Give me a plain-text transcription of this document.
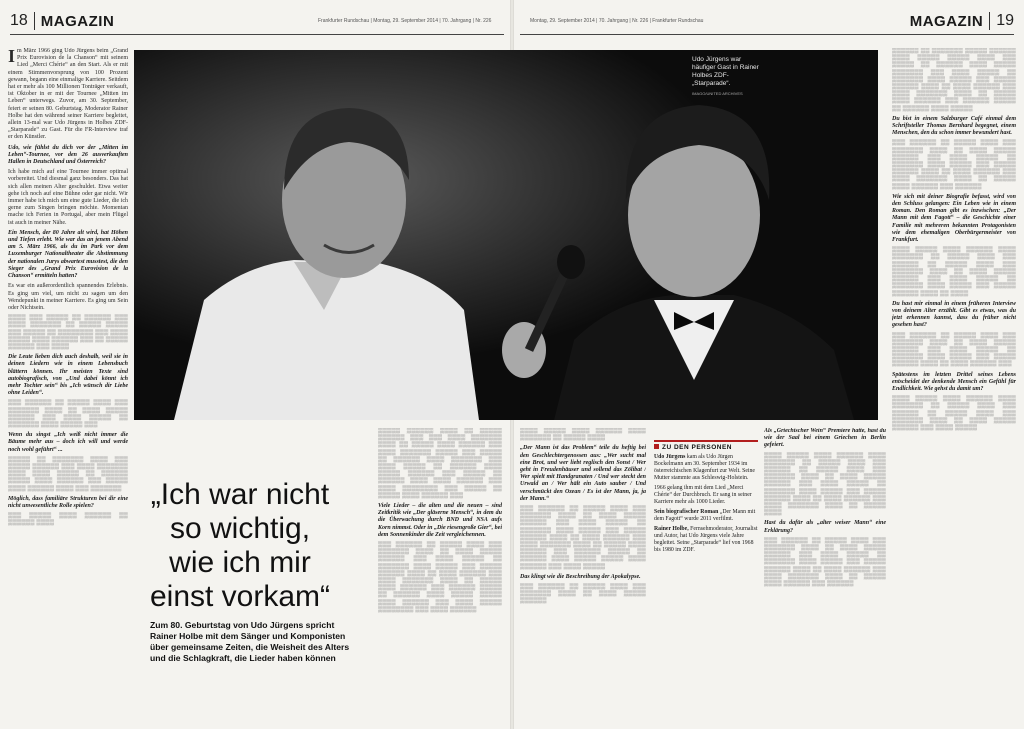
18 MAGAZIN	Frankfurter Rundschau | Montag, 29. September 2014 | 70. Jahrgang | Nr. 226	MAGAZIN 19
Montag, 29. September 2014 | 70. Jahrgang | Nr. 226 | Frankfurter Rundschau
Udo Jürgens war häufiger Gast in Rainer Holbes ZDF-„Starparade“.
IMAGO/UNITED ARCHIVES

Im März 1966 ging Udo Jürgens beim „Grand Prix Eurovision de la Chanson“ mit seinem Lied „Merci Chérie“ an den Start. Als er mit einem Stimmenvorsprung von 100 Prozent gewann, begann eine einmalige Karriere. Seitdem hat er mehr als 100 Millionen Tonträger verkauft, ist Oktober in er mit der Tournee „Mitten im Leben“ unterwegs. Zuvor, am 30. September, feiert er seinen 80. Geburtstag. Moderator Rainer Holbe hat den während seiner Karriere begleitet, allein 13-mal war Udo Jürgens in Holbes ZDF-„Starparade“ zu Gast. Für die FR-Interview traf er den Künstler.

Udo, wie fühlst du dich vor der „Mitten im Leben“-Tournee, vor den 26 ausverkauften Hallen in Deutschland und Österreich?

Ich habe mich auf eine Tournee immer optimal vorbereitet. Und diesmal ganz besonders. Das hat sich allen meinen Alter geschuldet. Etwa weiter gehe ich noch auf eine Bühne oder gar nicht. Wir immer habe ich mich um eine gute Lieder, die ich gerne zum Singen bringen möchte. Momentan mache ich Ferien in Portugal, aber mein Flügel ist auch in meiner Nähe.

Ein Mensch, der 80 Jahre alt wird, hat Höhen und Tiefen erlebt. Wie war das an jenem Abend am 5. März 1966, als du im Park vor dem Luxemburger Nationaltheater die Abstimmung der nationalen Jurys abwartest musstest, die den Sieger des „Grand Prix Eurovision de la Chanson“ ermitteln hatten?

Es war ein außerordentlich spannendes Erlebnis. Es ging um viel, um nicht zu sagen um den Wendepunkt in meiner Karriere. Es ging um Sein oder Nichtsein.

▒▒▒▒ ▒▒▒ ▒▒▒▒▒ ▒▒ ▒▒▒▒▒▒ ▒▒▒ ▒▒▒▒ ▒▒▒▒▒▒▒ ▒▒ ▒▒▒▒▒ ▒▒▒▒▒ ▒▒▒ ▒▒▒▒▒ ▒▒ ▒▒▒▒▒▒▒▒ ▒▒▒ ▒▒▒▒ ▒▒▒▒▒ ▒▒▒▒ ▒▒▒▒▒▒ ▒▒▒ ▒▒ ▒▒▒▒▒ ▒▒▒▒▒▒ ▒▒▒ ▒▒▒▒

Die Leute lieben dich auch deshalb, weil sie in deinen Liedern wie in einem Lebensbuch blättern können. Ihr meisten Texte sind autobiografisch, von „Und dabei könnt ich mehr Tochter sein“ bis „Ich wünsch dir Liebe ohne Leiden“.

▒▒▒ ▒▒▒▒▒▒ ▒▒ ▒▒▒▒▒ ▒▒▒▒ ▒▒▒ ▒▒▒▒▒▒▒ ▒▒▒▒ ▒▒ ▒▒▒▒ ▒▒▒▒▒ ▒▒▒▒▒▒ ▒▒▒ ▒▒▒▒ ▒▒▒▒▒ ▒▒ ▒▒▒▒▒▒▒ ▒▒▒▒ ▒▒▒▒▒ ▒▒▒

Wenn du singst „Ich weiß nicht immer die Bäume mehr aus – doch ich will und werde noch wohl geführt“ ...

▒▒▒▒▒ ▒▒ ▒▒▒▒▒▒▒ ▒▒▒▒ ▒▒▒ ▒▒▒▒▒ ▒▒▒▒▒▒ ▒▒▒ ▒▒▒▒ ▒▒▒▒▒▒▒ ▒▒▒▒ ▒▒▒▒ ▒▒▒▒▒ ▒▒ ▒▒▒▒▒▒ ▒▒▒▒▒ ▒▒▒▒ ▒▒▒▒▒▒ ▒▒▒ ▒▒▒▒▒ ▒▒▒▒ ▒▒▒▒▒▒ ▒▒▒▒ ▒▒▒ ▒▒▒▒▒▒▒

Möglich, dass familiäre Strukturen bei dir eine nicht unwesentliche Rolle spielen?

▒▒▒ ▒▒▒▒▒ ▒▒▒▒ ▒▒▒▒▒▒ ▒▒ ▒▒▒▒▒▒ ▒▒▒▒

„Ich war nicht
so wichtig,
wie ich mir
einst vorkam“
Zum 80. Geburtstag von Udo Jürgens spricht Rainer Holbe mit dem Sänger und Komponisten über gemeinsame Zeiten, die Weisheit des Alters und die Schlagkraft, die Lieder haben können

▒▒▒▒▒ ▒▒▒▒▒▒ ▒▒▒▒ ▒▒ ▒▒▒▒▒ ▒▒▒▒▒▒ ▒▒▒ ▒▒▒ ▒▒▒▒ ▒▒▒▒▒▒▒ ▒▒▒▒ ▒▒ ▒▒▒▒▒ ▒▒▒▒ ▒▒▒▒▒▒ ▒▒▒ ▒▒▒▒ ▒▒▒▒▒▒▒ ▒▒▒▒▒ ▒▒▒ ▒▒▒▒▒ ▒▒ ▒▒▒▒▒▒ ▒▒▒▒ ▒▒▒▒▒▒▒ ▒▒▒ ▒▒▒▒ ▒▒▒▒▒ ▒▒ ▒▒▒▒▒▒ ▒▒▒▒ ▒▒▒▒▒ ▒▒▒▒▒▒ ▒▒▒ ▒▒▒▒▒ ▒▒ ▒▒▒▒▒▒ ▒▒▒▒ ▒▒▒▒ ▒▒▒▒▒▒ ▒▒▒ ▒▒▒▒ ▒▒▒▒▒▒▒▒ ▒▒▒ ▒▒▒▒▒ ▒▒ ▒▒▒▒▒ ▒▒▒▒ ▒▒▒▒▒▒ ▒▒▒

Viele Lieder – die alten und die neuen – sind Zeitkritik wie „Der gläserne Mensch“, in dem du die Überwachung durch BND und NSA aufs Korn nimmst. Oder in „Die riesengroße Gier“, bei dem Sonnenkinder die Zeit vergleichennen.

▒▒▒ ▒▒▒▒▒▒ ▒▒ ▒▒▒▒▒ ▒▒▒▒ ▒▒▒ ▒▒▒▒▒▒▒ ▒▒▒▒ ▒▒ ▒▒▒▒ ▒▒▒▒▒ ▒▒▒▒▒▒ ▒▒▒ ▒▒▒▒ ▒▒▒▒▒ ▒▒ ▒▒▒▒▒▒▒ ▒▒▒▒ ▒▒▒▒▒ ▒▒▒ ▒▒▒▒▒ ▒▒▒▒▒▒ ▒▒▒▒ ▒▒ ▒▒▒▒ ▒▒▒▒▒▒ ▒▒▒ ▒▒▒▒ ▒▒▒▒▒▒▒ ▒▒▒▒ ▒▒ ▒▒▒▒▒ ▒▒▒▒ ▒▒▒▒▒▒ ▒▒▒ ▒▒▒▒▒▒ ▒▒▒▒▒ ▒▒ ▒▒▒▒▒▒ ▒▒▒▒ ▒▒▒▒▒ ▒▒▒▒▒ ▒▒▒▒ ▒▒▒▒▒▒ ▒▒▒ ▒▒▒▒ ▒▒▒▒▒ ▒▒▒▒▒▒▒▒ ▒▒▒ ▒▒▒▒ ▒▒▒▒▒▒

▒▒▒▒ ▒▒▒▒▒ ▒▒▒▒ ▒▒▒▒▒▒ ▒▒▒▒ ▒▒▒▒▒▒▒ ▒▒ ▒▒▒▒▒ ▒▒▒▒

„Der Mann ist das Problem“ teile du heftig bei den Geschlechtergenossen aus: „Wer sucht mal eine Brot, und wer liebt reglisch den Sonst / Wer geht in Freudenhäuser und sollend das Zölibat / Wer spielt mit Handgranaten / Und wer steckt den Urwald an / Wer hält ein Auto sauber / Und verschmückt den Ozean / Es ist der Mann, ja, ja der Mann.“

▒▒▒ ▒▒▒▒▒▒ ▒▒ ▒▒▒▒▒ ▒▒▒▒ ▒▒▒ ▒▒▒▒▒▒▒ ▒▒▒▒ ▒▒ ▒▒▒▒ ▒▒▒▒▒ ▒▒▒▒▒▒ ▒▒▒ ▒▒▒▒ ▒▒▒▒▒ ▒▒ ▒▒▒▒▒▒▒ ▒▒▒▒ ▒▒▒▒▒ ▒▒▒ ▒▒▒▒▒ ▒▒▒▒▒▒ ▒▒▒▒ ▒▒ ▒▒▒▒ ▒▒▒▒▒▒ ▒▒▒ ▒▒▒▒ ▒▒▒▒▒▒▒ ▒▒▒▒ ▒▒ ▒▒▒▒▒ ▒▒▒▒ ▒▒▒▒▒▒ ▒▒▒ ▒▒▒▒▒▒ ▒▒▒▒▒ ▒▒ ▒▒▒▒▒▒ ▒▒▒▒ ▒▒▒▒▒ ▒▒▒▒▒ ▒▒▒▒ ▒▒▒▒▒▒ ▒▒▒ ▒▒▒▒ ▒▒▒▒▒

Das klingt wie die Beschreibung der Apokalypse.

▒▒▒ ▒▒▒▒▒▒ ▒▒ ▒▒▒▒▒ ▒▒▒▒ ▒▒▒ ▒▒▒▒▒▒▒ ▒▒▒▒ ▒▒ ▒▒▒▒ ▒▒▒▒▒ ▒▒▒▒▒▒

ZU DEN PERSONEN

Udo Jürgens kam als Udo Jürgen Bockelmann am 30. September 1934 im österreichischen Klagenfurt zur Welt. Seine Mutter stammte aus Schleswig-Holstein.

1966 gelang ihm mit dem Lied „Merci Chérie“ der Durchbruch. Er sang in seiner Karriere mehr als 1000 Lieder.

Sein biografischer Roman „Der Mann mit dem Fagott“ wurde 2011 verfilmt.

Rainer Holbe, Fernsehmoderator, Journalist und Autor, hat Udo Jürgens viele Jahre begleitet. Seine „Starparade“ lief von 1968 bis 1980 im ZDF.

Als „Griechischer Wein“ Premiere hatte, hast du wie der Saal bei einem Griechen in Berlin gefeiert.

▒▒▒▒ ▒▒▒▒▒ ▒▒▒▒ ▒▒▒▒▒▒ ▒▒▒▒ ▒▒▒▒▒▒▒ ▒▒ ▒▒▒▒▒ ▒▒▒▒ ▒▒▒ ▒▒▒▒▒▒ ▒▒ ▒▒▒▒▒ ▒▒▒▒ ▒▒▒ ▒▒▒▒▒▒▒ ▒▒▒▒ ▒▒ ▒▒▒▒ ▒▒▒▒▒ ▒▒▒▒▒▒ ▒▒▒ ▒▒▒▒ ▒▒▒▒▒ ▒▒ ▒▒▒▒▒▒▒ ▒▒▒▒ ▒▒▒▒▒ ▒▒▒ ▒▒▒▒▒ ▒▒▒▒▒▒ ▒▒▒▒ ▒▒ ▒▒▒▒ ▒▒▒▒▒▒ ▒▒▒ ▒▒▒▒ ▒▒▒▒▒▒▒ ▒▒▒▒ ▒▒ ▒▒▒▒▒ ▒▒▒▒

Hast du dafür als „alter weiser Mann“ eine Erklärung?

▒▒▒ ▒▒▒▒▒▒ ▒▒ ▒▒▒▒▒ ▒▒▒▒ ▒▒▒ ▒▒▒▒▒▒▒ ▒▒▒▒ ▒▒ ▒▒▒▒ ▒▒▒▒▒ ▒▒▒▒▒▒ ▒▒▒ ▒▒▒▒ ▒▒▒▒▒ ▒▒ ▒▒▒▒▒▒▒ ▒▒▒▒ ▒▒▒▒▒ ▒▒▒ ▒▒▒▒▒ ▒▒▒▒▒▒ ▒▒▒▒ ▒▒ ▒▒▒▒ ▒▒▒▒▒▒ ▒▒▒ ▒▒▒▒ ▒▒▒▒▒▒▒ ▒▒▒▒ ▒▒ ▒▒▒▒▒ ▒▒▒▒ ▒▒▒▒▒▒ ▒▒▒ ▒▒▒▒▒▒

▒▒▒▒▒▒ ▒▒ ▒▒▒▒▒▒▒ ▒▒▒▒▒ ▒▒▒▒▒▒ ▒▒▒▒ ▒▒▒▒▒ ▒▒▒▒▒ ▒▒▒▒ ▒▒▒ ▒▒▒▒▒ ▒▒ ▒▒▒▒▒▒ ▒▒▒▒ ▒▒▒▒▒ ▒▒▒▒▒▒▒ ▒▒▒ ▒▒▒▒ ▒▒▒▒▒ ▒▒ ▒▒▒▒▒▒▒ ▒▒▒▒ ▒▒▒▒▒ ▒▒▒ ▒▒▒▒▒ ▒▒▒▒▒▒ ▒▒▒▒ ▒▒ ▒▒▒▒ ▒▒▒▒▒▒ ▒▒▒ ▒▒▒▒ ▒▒▒▒▒▒▒ ▒▒▒▒ ▒▒ ▒▒▒▒▒ ▒▒▒▒ ▒▒▒▒▒▒ ▒▒▒ ▒▒▒▒▒▒ ▒▒▒▒▒ ▒▒ ▒▒▒▒▒▒ ▒▒▒▒ ▒▒▒▒▒

Du bist in einem Salzburger Café einmal dem Schriftsteller Thomas Bernhard begegnet, einem Menschen, den du schon immer bewundert hast.

▒▒▒ ▒▒▒▒▒▒ ▒▒ ▒▒▒▒▒ ▒▒▒▒ ▒▒▒ ▒▒▒▒▒▒▒ ▒▒▒▒ ▒▒ ▒▒▒▒ ▒▒▒▒▒ ▒▒▒▒▒▒ ▒▒▒ ▒▒▒▒ ▒▒▒▒▒ ▒▒ ▒▒▒▒▒▒▒ ▒▒▒▒ ▒▒▒▒▒ ▒▒▒ ▒▒▒▒▒ ▒▒▒▒▒▒ ▒▒▒▒ ▒▒ ▒▒▒▒ ▒▒▒▒▒▒ ▒▒▒ ▒▒▒▒ ▒▒▒▒▒▒▒ ▒▒▒▒ ▒▒ ▒▒▒▒▒ ▒▒▒▒ ▒▒▒▒▒▒ ▒▒▒ ▒▒▒▒▒▒

Wie sich mit deiner Biografie befasst, wird von den Schluss gelangen: Ein Leben wie in einem Roman. Den Roman gibt es inzwischen: „Der Mann mit dem Fagott“ – die Geschichte einer Familie mit mehreren bekannten Protagonisten wie dem ehemaligen Oberbürgermeister von Frankfurt.

▒▒▒▒ ▒▒▒▒▒ ▒▒▒▒ ▒▒▒▒▒▒ ▒▒▒▒ ▒▒▒▒▒▒▒ ▒▒ ▒▒▒▒▒ ▒▒▒▒ ▒▒▒ ▒▒▒▒▒▒ ▒▒ ▒▒▒▒▒ ▒▒▒▒ ▒▒▒ ▒▒▒▒▒▒▒ ▒▒▒▒ ▒▒ ▒▒▒▒ ▒▒▒▒▒ ▒▒▒▒▒▒ ▒▒▒ ▒▒▒▒ ▒▒▒▒▒ ▒▒ ▒▒▒▒▒▒▒ ▒▒▒▒ ▒▒▒▒▒ ▒▒▒ ▒▒▒▒▒ ▒▒▒▒▒▒ ▒▒▒▒ ▒▒ ▒▒▒▒

Du hast mir einmal in einem früheren Interview von deinem Alter erzählt. Gibt es etwas, was du jetzt erkennen kannst, dass du früher nicht gesehen hast?

▒▒▒ ▒▒▒▒▒▒ ▒▒ ▒▒▒▒▒ ▒▒▒▒ ▒▒▒ ▒▒▒▒▒▒▒ ▒▒▒▒ ▒▒ ▒▒▒▒ ▒▒▒▒▒ ▒▒▒▒▒▒ ▒▒▒ ▒▒▒▒ ▒▒▒▒▒ ▒▒ ▒▒▒▒▒▒▒ ▒▒▒▒ ▒▒▒▒▒ ▒▒▒ ▒▒▒▒▒ ▒▒▒▒▒▒ ▒▒▒▒ ▒▒ ▒▒▒▒ ▒▒▒▒▒▒ ▒▒▒

Spätestens im letzten Drittel seines Lebens entscheidet der denkende Mensch ein Gefühl für Endlichkeit. Wie gehst du damit um?

▒▒▒▒ ▒▒▒▒▒ ▒▒▒▒ ▒▒▒▒▒▒ ▒▒▒▒ ▒▒▒▒▒▒▒ ▒▒ ▒▒▒▒▒ ▒▒▒▒ ▒▒▒ ▒▒▒▒▒▒ ▒▒ ▒▒▒▒▒ ▒▒▒▒ ▒▒▒ ▒▒▒▒▒▒▒ ▒▒▒▒ ▒▒ ▒▒▒▒ ▒▒▒▒▒ ▒▒▒▒▒▒ ▒▒▒ ▒▒▒▒ ▒▒▒▒▒
